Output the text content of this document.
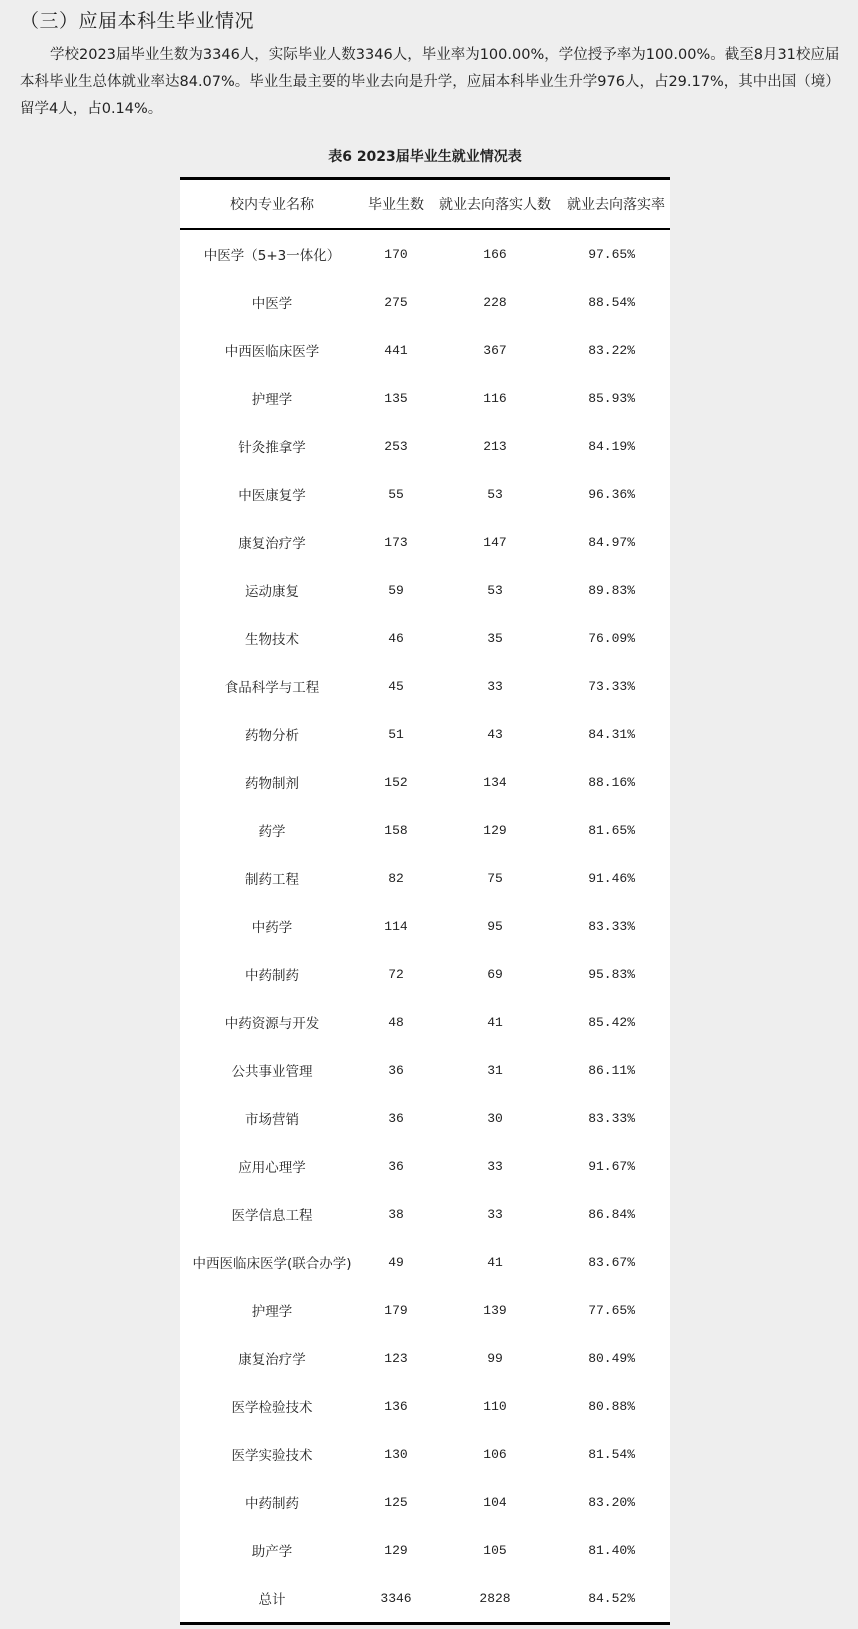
（三）应届本科生毕业情况
学校2023届毕业生数为3346人，实际毕业人数3346人，毕业率为100.00%，学位授予率为100.00%。截至8月31校应届本科毕业生总体就业率达84.07%。毕业生最主要的毕业去向是升学，应届本科毕业生升学976人，占29.17%，其中出国（境）留学4人，占0.14%。
表6 2023届毕业生就业情况表
校内专业名称	毕业生数	就业去向落实人数	就业去向落实率
中医学（5+3一体化）	170	166	97.65%
中医学	275	228	88.54%
中西医临床医学	441	367	83.22%
护理学	135	116	85.93%
针灸推拿学	253	213	84.19%
中医康复学	55	53	96.36%
康复治疗学	173	147	84.97%
运动康复	59	53	89.83%
生物技术	46	35	76.09%
食品科学与工程	45	33	73.33%
药物分析	51	43	84.31%
药物制剂	152	134	88.16%
药学	158	129	81.65%
制药工程	82	75	91.46%
中药学	114	95	83.33%
中药制药	72	69	95.83%
中药资源与开发	48	41	85.42%
公共事业管理	36	31	86.11%
市场营销	36	30	83.33%
应用心理学	36	33	91.67%
医学信息工程	38	33	86.84%
中西医临床医学(联合办学)	49	41	83.67%
护理学	179	139	77.65%
康复治疗学	123	99	80.49%
医学检验技术	136	110	80.88%
医学实验技术	130	106	81.54%
中药制药	125	104	83.20%
助产学	129	105	81.40%
总计	3346	2828	84.52%
